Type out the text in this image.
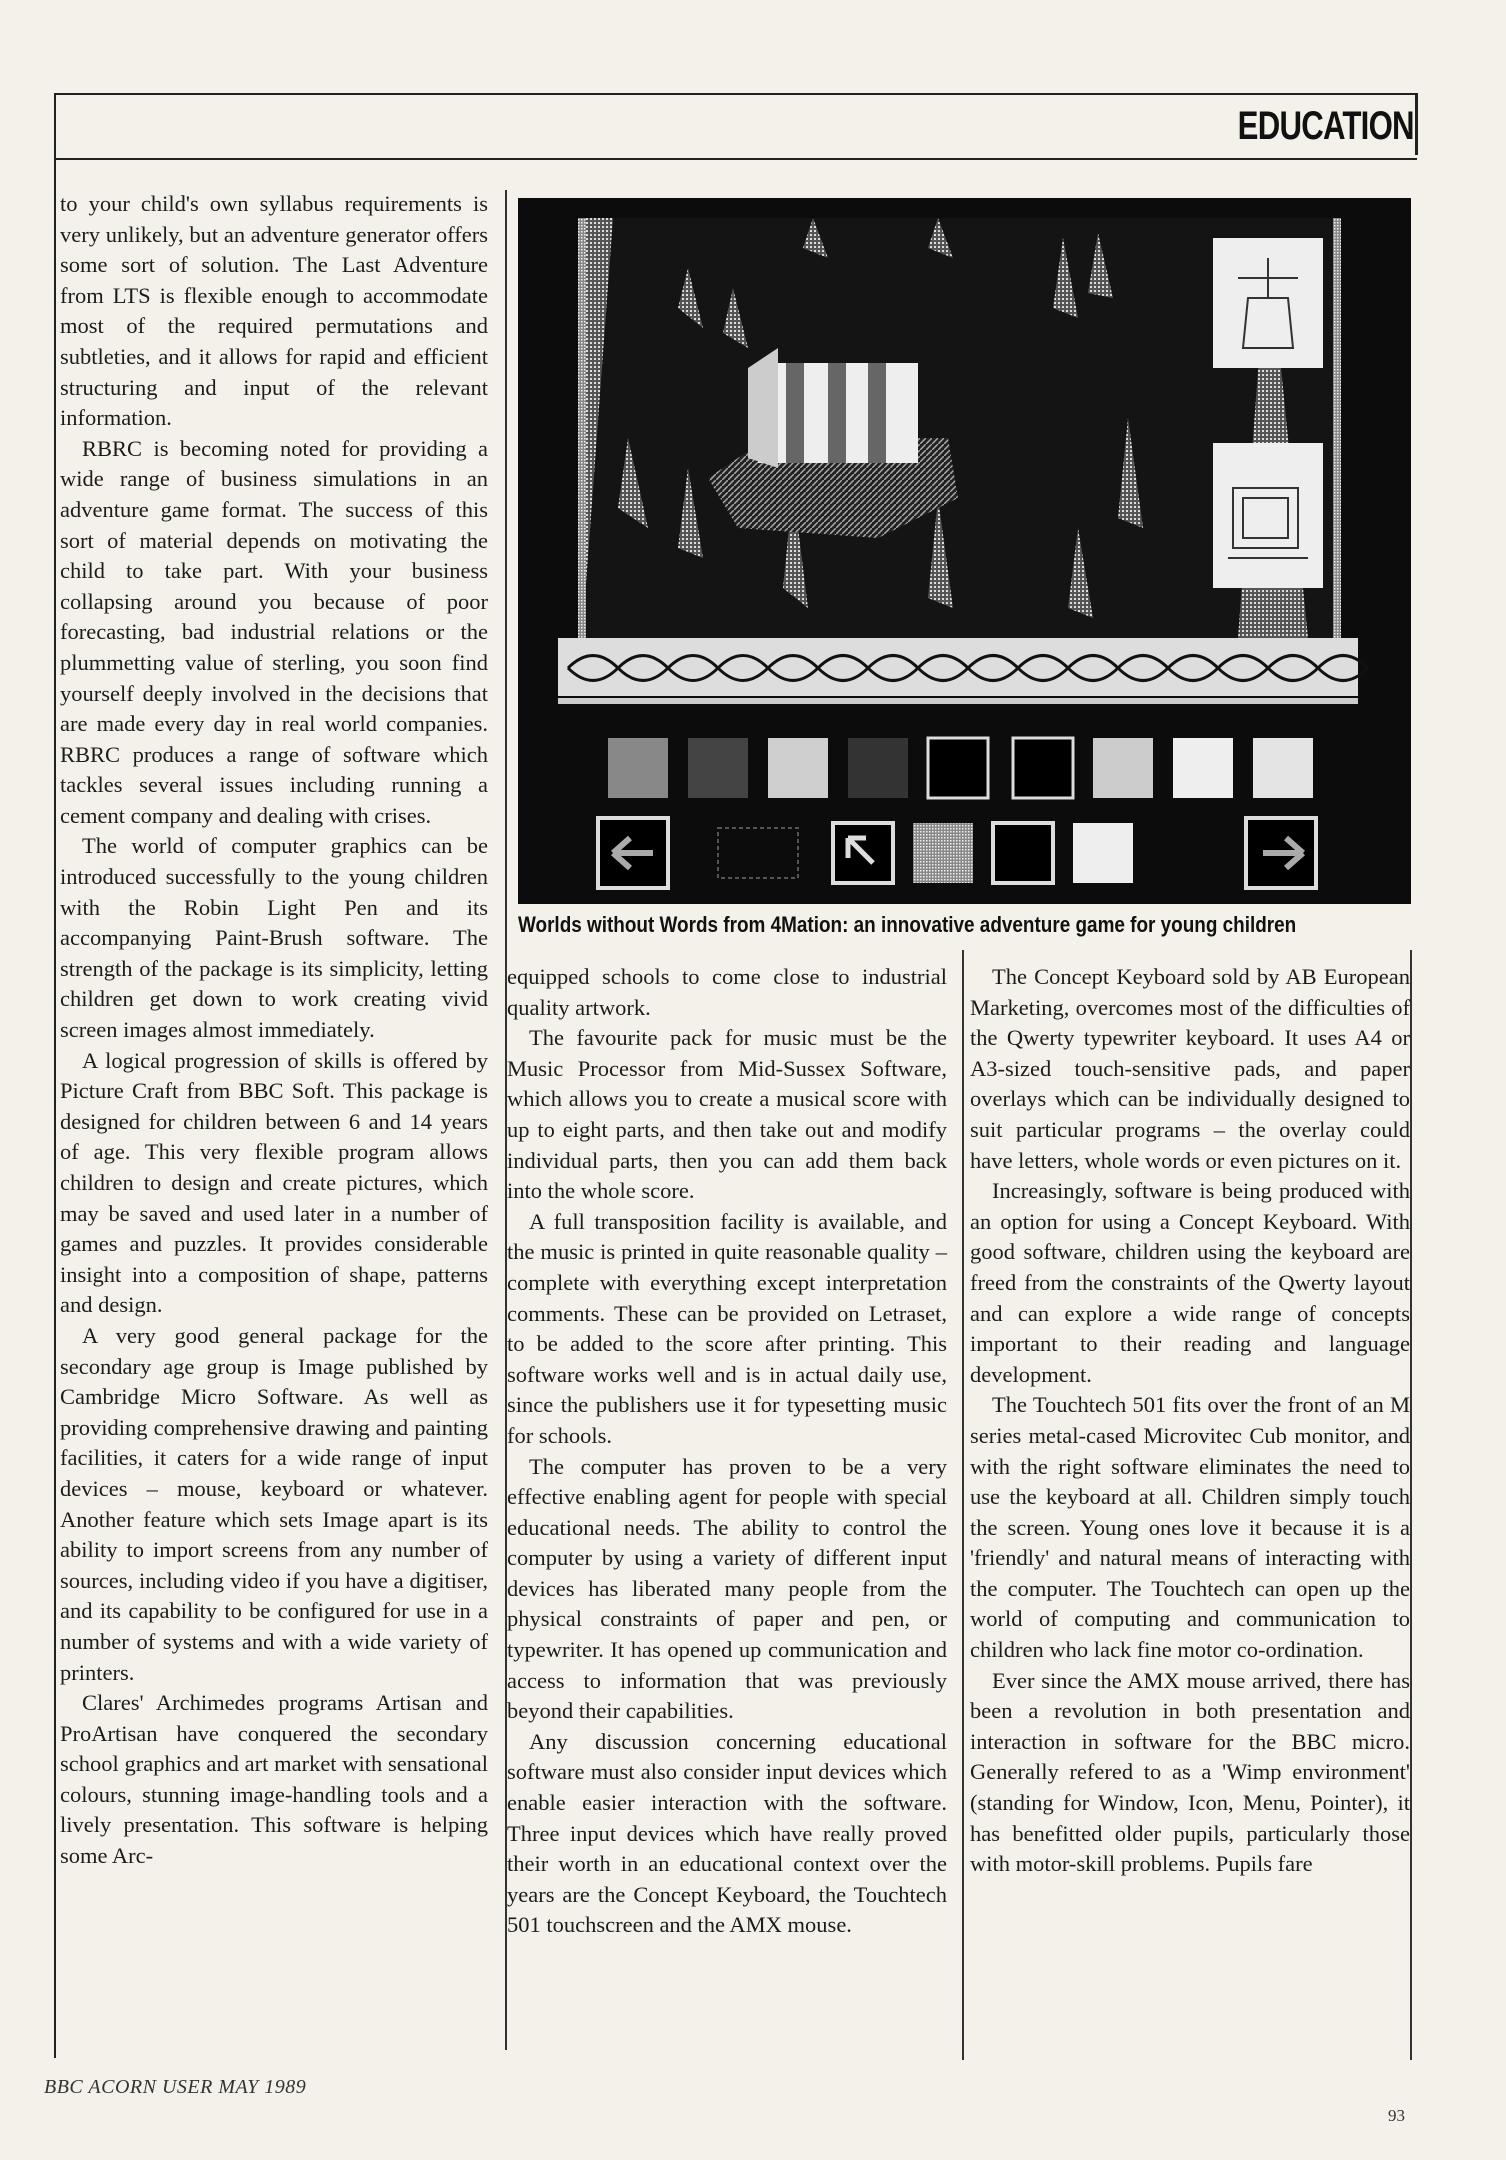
EDUCATION

to your child's own syllabus requirements is very unlikely, but an adventure generator offers some sort of solution. The Last Adventure from LTS is flexible enough to accommodate most of the required permutations and subtleties, and it allows for rapid and efficient structuring and input of the relevant information.

RBRC is becoming noted for providing a wide range of business simulations in an adventure game format. The success of this sort of material depends on motivating the child to take part. With your business collapsing around you because of poor forecasting, bad industrial relations or the plummetting value of sterling, you soon find yourself deeply involved in the decisions that are made every day in real world companies. RBRC produces a range of software which tackles several issues including running a cement company and dealing with crises.

The world of computer graphics can be introduced successfully to the young children with the Robin Light Pen and its accompanying Paint-Brush software. The strength of the package is its simplicity, letting children get down to work creating vivid screen images almost immediately.

A logical progression of skills is offered by Picture Craft from BBC Soft. This package is designed for children between 6 and 14 years of age. This very flexible program allows children to design and create pictures, which may be saved and used later in a number of games and puzzles. It provides considerable insight into a composition of shape, patterns and design.

A very good general package for the secondary age group is Image published by Cambridge Micro Software. As well as providing comprehensive drawing and painting facilities, it caters for a wide range of input devices – mouse, keyboard or whatever. Another feature which sets Image apart is its ability to import screens from any number of sources, including video if you have a digitiser, and its capability to be configured for use in a number of systems and with a wide variety of printers.

Clares' Archimedes programs Artisan and ProArtisan have conquered the secondary school graphics and art market with sensational colours, stunning image-handling tools and a lively presentation. This software is helping some Arc-

Worlds without Words from 4Mation: an innovative adventure game for young children

equipped schools to come close to industrial quality artwork.

The favourite pack for music must be the Music Processor from Mid-Sussex Software, which allows you to create a musical score with up to eight parts, and then take out and modify individual parts, then you can add them back into the whole score.

A full transposition facility is available, and the music is printed in quite reasonable quality – complete with everything except interpretation comments. These can be provided on Letraset, to be added to the score after printing. This software works well and is in actual daily use, since the publishers use it for typesetting music for schools.

The computer has proven to be a very effective enabling agent for people with special educational needs. The ability to control the computer by using a variety of different input devices has liberated many people from the physical constraints of paper and pen, or typewriter. It has opened up communication and access to information that was previously beyond their capabilities.

Any discussion concerning educational software must also consider input devices which enable easier interaction with the software. Three input devices which have really proved their worth in an educational context over the years are the Concept Keyboard, the Touchtech 501 touchscreen and the AMX mouse.

The Concept Keyboard sold by AB European Marketing, overcomes most of the difficulties of the Qwerty typewriter keyboard. It uses A4 or A3-sized touch-sensitive pads, and paper overlays which can be individually designed to suit particular programs – the overlay could have letters, whole words or even pictures on it.

Increasingly, software is being produced with an option for using a Concept Keyboard. With good software, children using the keyboard are freed from the constraints of the Qwerty layout and can explore a wide range of concepts important to their reading and language development.

The Touchtech 501 fits over the front of an M series metal-cased Microvitec Cub monitor, and with the right software eliminates the need to use the keyboard at all. Children simply touch the screen. Young ones love it because it is a 'friendly' and natural means of interacting with the computer. The Touchtech can open up the world of computing and communication to children who lack fine motor co-ordination.

Ever since the AMX mouse arrived, there has been a revolution in both presentation and interaction in software for the BBC micro. Generally refered to as a 'Wimp environment' (standing for Window, Icon, Menu, Pointer), it has benefitted older pupils, particularly those with motor-skill problems. Pupils fare

BBC ACORN USER MAY 1989
93
